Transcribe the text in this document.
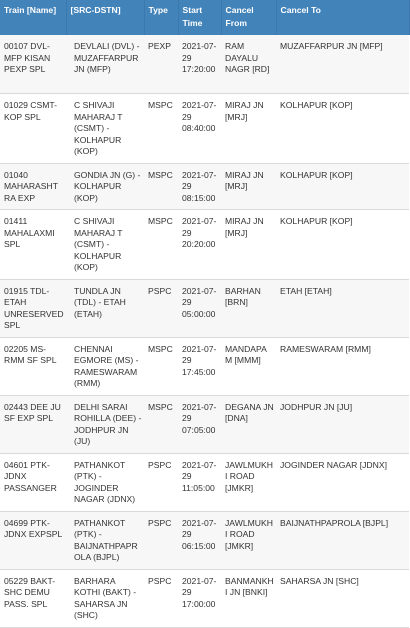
Train [Name]	[SRC-DSTN]	Type	Start Time	Cancel From	Cancel To
00107 DVL-MFP KISAN PEXP SPL	DEVLALI (DVL) - MUZAFFARPUR JN (MFP)	PEXP	2021-07-29 17:20:00	RAM DAYALU NAGR [RD]	MUZAFFARPUR JN [MFP]
01029 CSMT-KOP SPL	C SHIVAJI MAHARAJ T (CSMT) - KOLHAPUR (KOP)	MSPC	2021-07-29 08:40:00	MIRAJ JN [MRJ]	KOLHAPUR [KOP]
01040 MAHARASHTRA EXP	GONDIA JN (G) - KOLHAPUR (KOP)	MSPC	2021-07-29 08:15:00	MIRAJ JN [MRJ]	KOLHAPUR [KOP]
01411 MAHALAXMI SPL	C SHIVAJI MAHARAJ T (CSMT) - KOLHAPUR (KOP)	MSPC	2021-07-29 20:20:00	MIRAJ JN [MRJ]	KOLHAPUR [KOP]
01915 TDL-ETAH UNRESERVED SPL	TUNDLA JN (TDL) - ETAH (ETAH)	PSPC	2021-07-29 05:00:00	BARHAN [BRN]	ETAH [ETAH]
02205 MS-RMM SF SPL	CHENNAI EGMORE (MS) - RAMESWARAM (RMM)	MSPC	2021-07-29 17:45:00	MANDAPAM [MMM]	RAMESWARAM [RMM]
02443 DEE JU SF EXP SPL	DELHI SARAI ROHILLA (DEE) - JODHPUR JN (JU)	MSPC	2021-07-29 07:05:00	DEGANA JN [DNA]	JODHPUR JN [JU]
04601 PTK-JDNX PASSANGER	PATHANKOT (PTK) - JOGINDER NAGAR (JDNX)	PSPC	2021-07-29 11:05:00	JAWLMUKHI ROAD [JMKR]	JOGINDER NAGAR [JDNX]
04699 PTK-JDNX EXPSPL	PATHANKOT (PTK) - BAIJNATHPAPROLA (BJPL)	PSPC	2021-07-29 06:15:00	JAWLMUKHI ROAD [JMKR]	BAIJNATHPAPROLA [BJPL]
05229 BAKT-SHC DEMU PASS. SPL	BARHARA KOTHI (BAKT) - SAHARSA JN (SHC)	PSPC	2021-07-29 17:00:00	BANMANKHI JN [BNKI]	SAHARSA JN [SHC]
